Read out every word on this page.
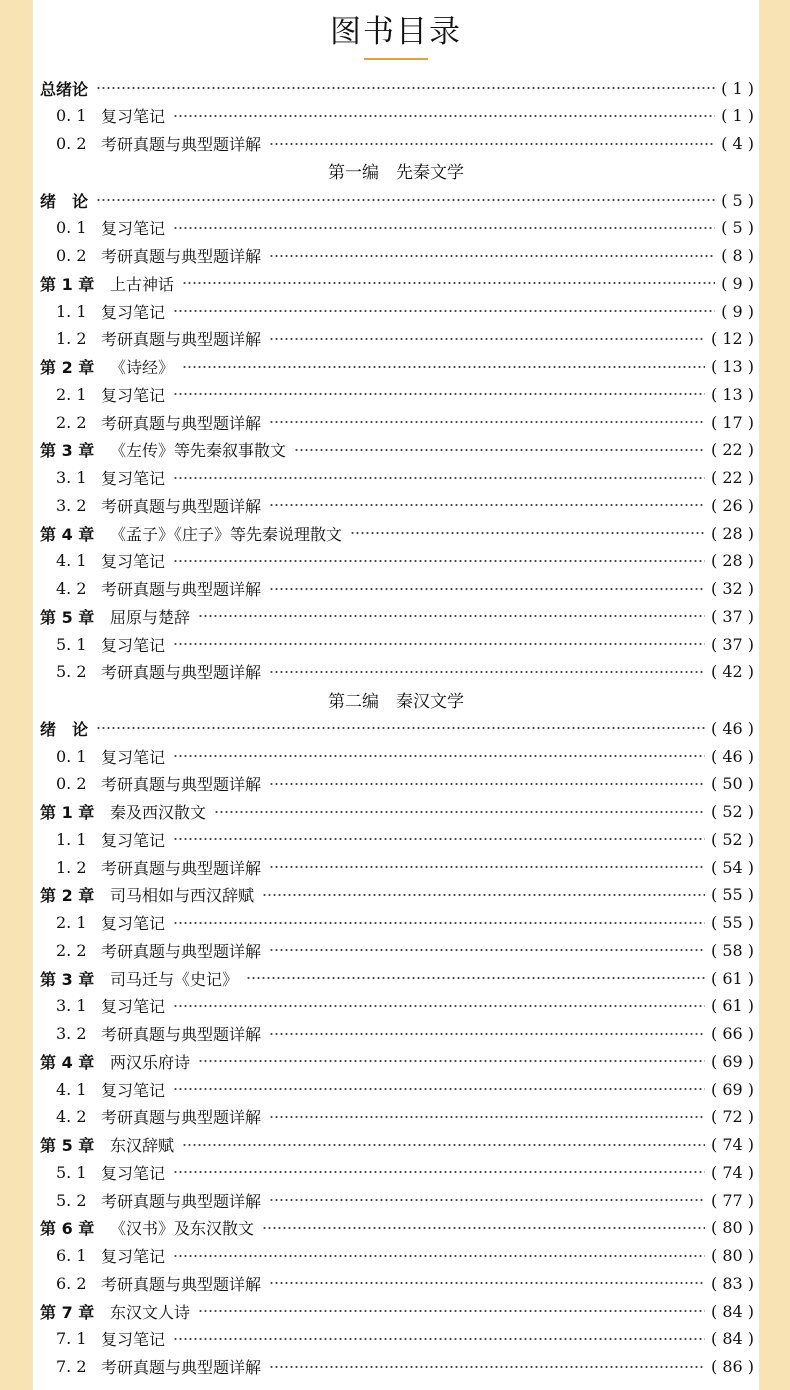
图书目录
总绪论	( 1 )
0. 1 复习笔记	( 1 )
0. 2 考研真题与典型题详解	( 4 )
第一编　先秦文学
绪　论	( 5 )
0. 1 复习笔记	( 5 )
0. 2 考研真题与典型题详解	( 8 )
第 1 章 上古神话	( 9 )
1. 1 复习笔记	( 9 )
1. 2 考研真题与典型题详解	( 12 )
第 2 章 《诗经》	( 13 )
2. 1 复习笔记	( 13 )
2. 2 考研真题与典型题详解	( 17 )
第 3 章 《左传》等先秦叙事散文	( 22 )
3. 1 复习笔记	( 22 )
3. 2 考研真题与典型题详解	( 26 )
第 4 章 《孟子》《庄子》等先秦说理散文	( 28 )
4. 1 复习笔记	( 28 )
4. 2 考研真题与典型题详解	( 32 )
第 5 章 屈原与楚辞	( 37 )
5. 1 复习笔记	( 37 )
5. 2 考研真题与典型题详解	( 42 )
第二编　秦汉文学
绪　论	( 46 )
0. 1 复习笔记	( 46 )
0. 2 考研真题与典型题详解	( 50 )
第 1 章 秦及西汉散文	( 52 )
1. 1 复习笔记	( 52 )
1. 2 考研真题与典型题详解	( 54 )
第 2 章 司马相如与西汉辞赋	( 55 )
2. 1 复习笔记	( 55 )
2. 2 考研真题与典型题详解	( 58 )
第 3 章 司马迁与《史记》	( 61 )
3. 1 复习笔记	( 61 )
3. 2 考研真题与典型题详解	( 66 )
第 4 章 两汉乐府诗	( 69 )
4. 1 复习笔记	( 69 )
4. 2 考研真题与典型题详解	( 72 )
第 5 章 东汉辞赋	( 74 )
5. 1 复习笔记	( 74 )
5. 2 考研真题与典型题详解	( 77 )
第 6 章 《汉书》及东汉散文	( 80 )
6. 1 复习笔记	( 80 )
6. 2 考研真题与典型题详解	( 83 )
第 7 章 东汉文人诗	( 84 )
7. 1 复习笔记	( 84 )
7. 2 考研真题与典型题详解	( 86 )
